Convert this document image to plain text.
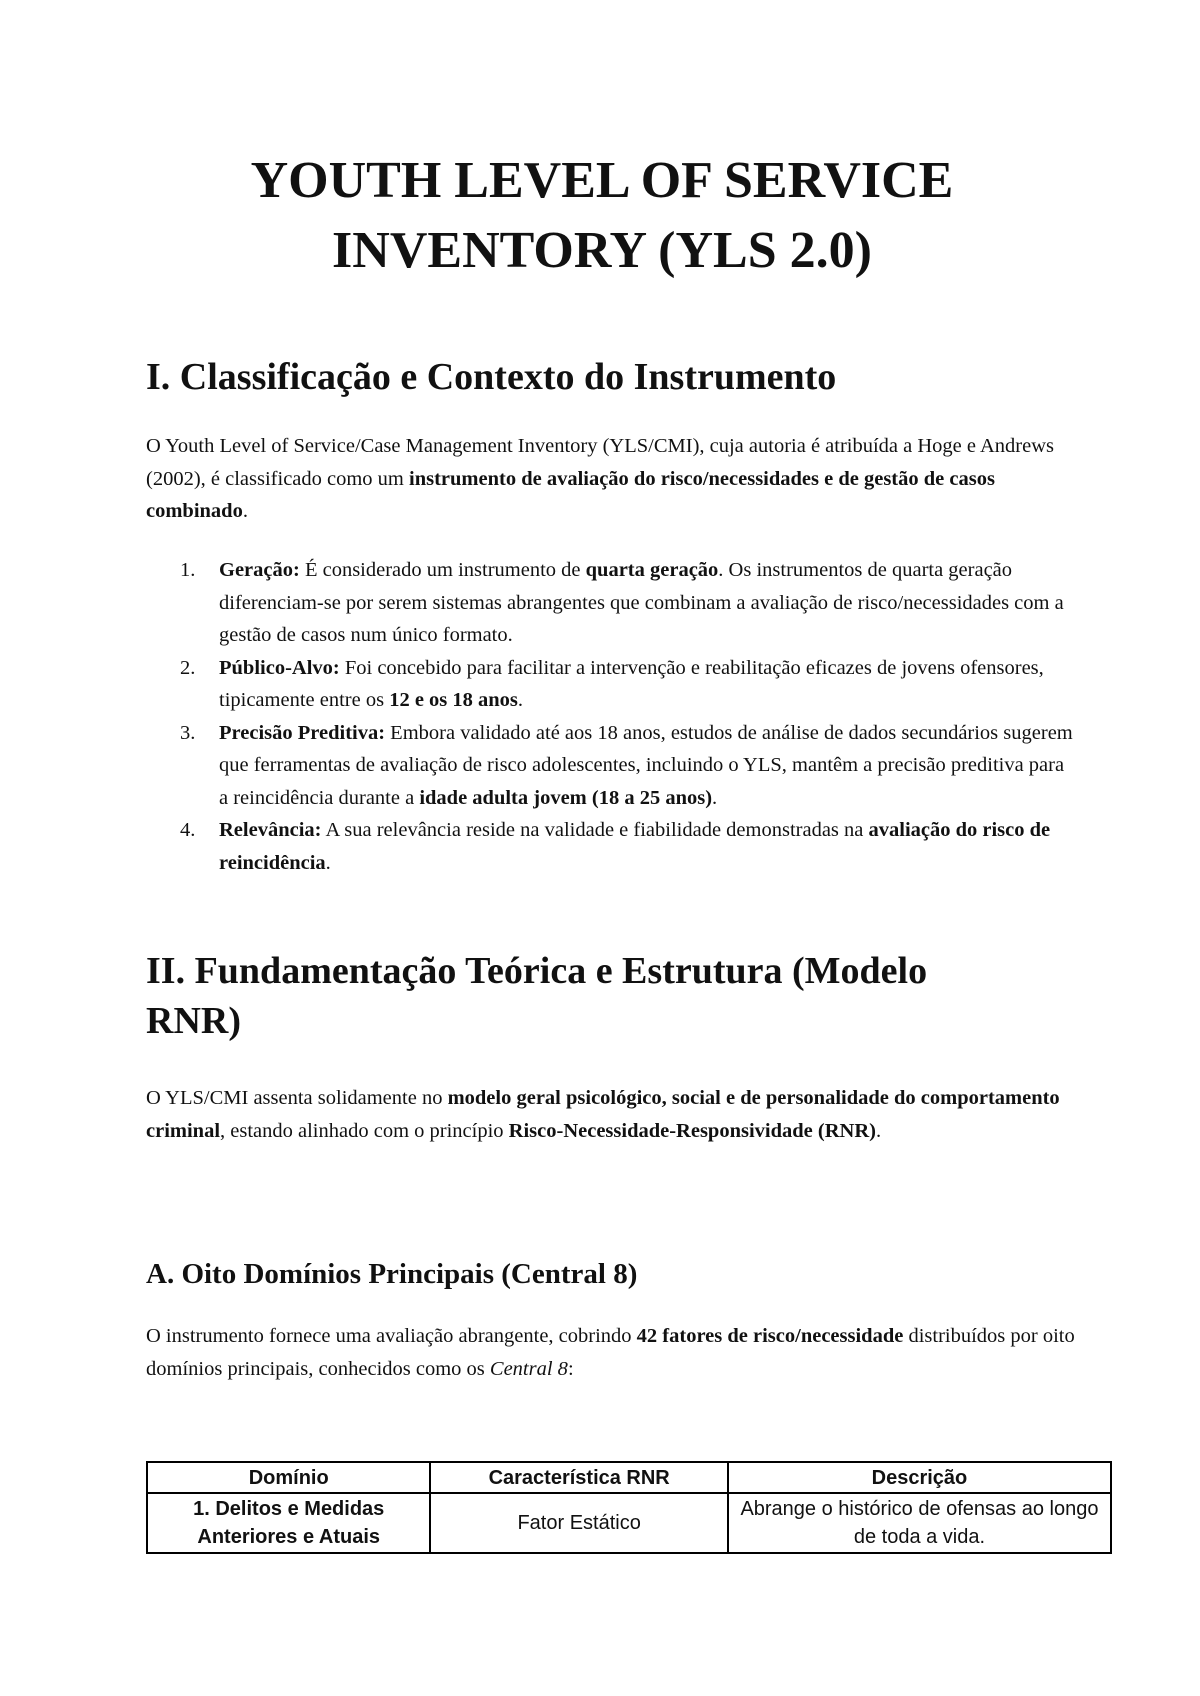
YOUTH LEVEL OF SERVICE INVENTORY (YLS 2.0)
I. Classificação e Contexto do Instrumento

O Youth Level of Service/Case Management Inventory (YLS/CMI), cuja autoria é atribuída a Hoge e Andrews (2002), é classificado como um instrumento de avaliação do risco/necessidades e de gestão de casos combinado.

1. Geração: É considerado um instrumento de quarta geração. Os instrumentos de quarta geração diferenciam-se por serem sistemas abrangentes que combinam a avaliação de risco/necessidades com a gestão de casos num único formato.
2. Público-Alvo: Foi concebido para facilitar a intervenção e reabilitação eficazes de jovens ofensores, tipicamente entre os 12 e os 18 anos.
3. Precisão Preditiva: Embora validado até aos 18 anos, estudos de análise de dados secundários sugerem que ferramentas de avaliação de risco adolescentes, incluindo o YLS, mantêm a precisão preditiva para a reincidência durante a idade adulta jovem (18 a 25 anos).
4. Relevância: A sua relevância reside na validade e fiabilidade demonstradas na avaliação do risco de reincidência.
II. Fundamentação Teórica e Estrutura (Modelo RNR)

O YLS/CMI assenta solidamente no modelo geral psicológico, social e de personalidade do comportamento criminal, estando alinhado com o princípio Risco-Necessidade-Responsividade (RNR).

A. Oito Domínios Principais (Central 8)

O instrumento fornece uma avaliação abrangente, cobrindo 42 fatores de risco/necessidade distribuídos por oito domínios principais, conhecidos como os Central 8:

Domínio	Característica RNR	Descrição
1. Delitos e Medidas Anteriores e Atuais	Fator Estático	Abrange o histórico de ofensas ao longo de toda a vida.
